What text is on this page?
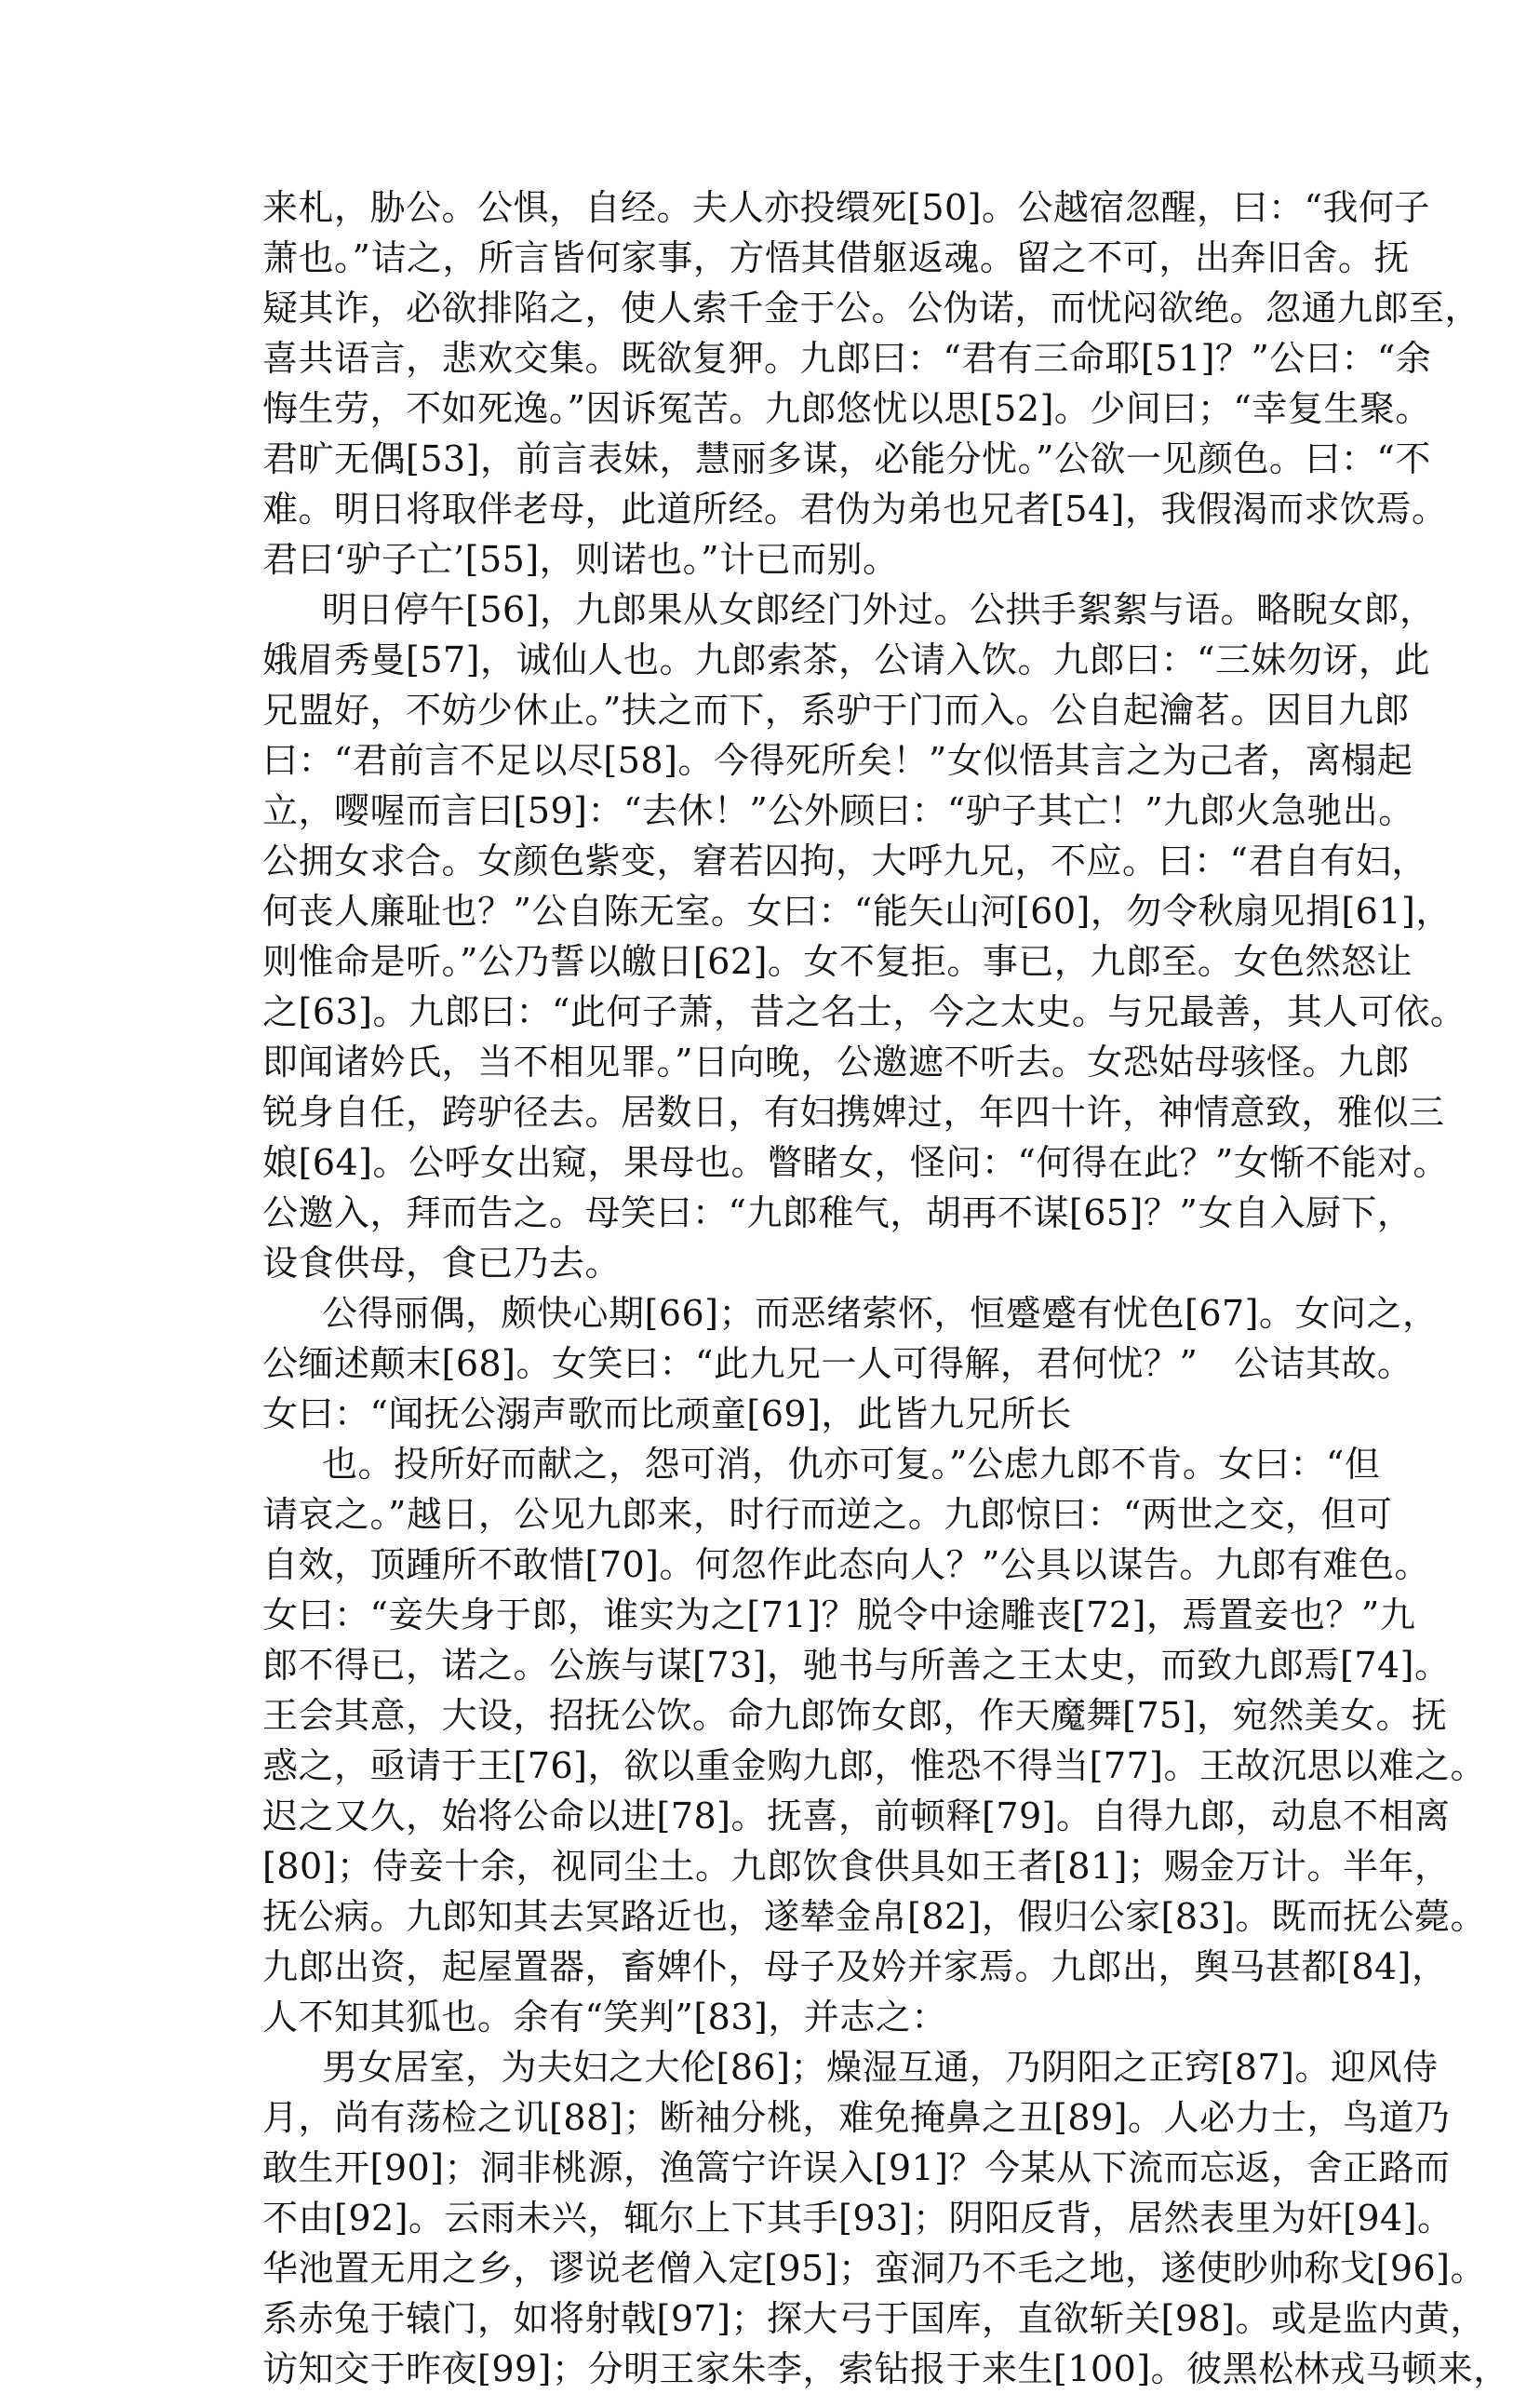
来札，胁公。公惧，自经。夫人亦投缳死[50]。公越宿忽醒，曰：“我何子
萧也。”诘之，所言皆何家事，方悟其借躯返魂。留之不可，出奔旧舍。抚
疑其诈，必欲排陷之，使人索千金于公。公伪诺，而忧闷欲绝。忽通九郎至，
喜共语言，悲欢交集。既欲复狎。九郎曰：“君有三命耶[51]？”公曰：“余
悔生劳，不如死逸。”因诉冤苦。九郎悠忧以思[52]。少间曰；“幸复生聚。
君旷无偶[53]，前言表妹，慧丽多谋，必能分忧。”公欲一见颜色。曰：“不
难。明日将取伴老母，此道所经。君伪为弟也兄者[54]，我假渴而求饮焉。
君曰‘驴子亡’[55]，则诺也。”计已而别。
明日停午[56]，九郎果从女郎经门外过。公拱手絮絮与语。略睨女郎，
娥眉秀曼[57]，诚仙人也。九郎索茶，公请入饮。九郎曰：“三妹勿讶，此
兄盟好，不妨少休止。”扶之而下，系驴于门而入。公自起瀹茗。因目九郎
曰：“君前言不足以尽[58]。今得死所矣！”女似悟其言之为己者，离榻起
立，嘤喔而言曰[59]：“去休！”公外顾曰：“驴子其亡！”九郎火急驰出。
公拥女求合。女颜色紫变，窘若囚拘，大呼九兄，不应。曰：“君自有妇，
何丧人廉耻也？”公自陈无室。女曰：“能矢山河[60]，勿令秋扇见捐[61]，
则惟命是听。”公乃誓以皦日[62]。女不复拒。事已，九郎至。女色然怒让
之[63]。九郎曰：“此何子萧，昔之名士，今之太史。与兄最善，其人可依。
即闻诸妗氏，当不相见罪。”日向晚，公邀遮不听去。女恐姑母骇怪。九郎
锐身自任，跨驴径去。居数日，有妇携婢过，年四十许，神情意致，雅似三
娘[64]。公呼女出窥，果母也。瞥睹女，怪问：“何得在此？”女惭不能对。
公邀入，拜而告之。母笑曰：“九郎稚气，胡再不谋[65]？”女自入厨下，
设食供母，食已乃去。
公得丽偶，颇快心期[66]；而恶绪萦怀，恒蹙蹙有忧色[67]。女问之，
公缅述颠末[68]。女笑曰：“此九兄一人可得解，君何忧？”　公诘其故。
女曰：“闻抚公溺声歌而比顽童[69]，此皆九兄所长
也。投所好而献之，怨可消，仇亦可复。”公虑九郎不肯。女曰：“但
请哀之。”越日，公见九郎来，时行而逆之。九郎惊曰：“两世之交，但可
自效，顶踵所不敢惜[70]。何忽作此态向人？”公具以谋告。九郎有难色。
女曰：“妾失身于郎，谁实为之[71]？脱令中途雕丧[72]，焉置妾也？”九
郎不得已，诺之。公族与谋[73]，驰书与所善之王太史，而致九郎焉[74]。
王会其意，大设，招抚公饮。命九郎饰女郎，作天魔舞[75]，宛然美女。抚
惑之，亟请于王[76]，欲以重金购九郎，惟恐不得当[77]。王故沉思以难之。
迟之又久，始将公命以进[78]。抚喜，前顿释[79]。自得九郎，动息不相离
[80]；侍妾十余，视同尘土。九郎饮食供具如王者[81]；赐金万计。半年，
抚公病。九郎知其去冥路近也，遂辇金帛[82]，假归公家[83]。既而抚公薨。
九郎出资，起屋置器，畜婢仆，母子及妗并家焉。九郎出，舆马甚都[84]，
人不知其狐也。余有“笑判”[83]，并志之：
男女居室，为夫妇之大伦[86]；燥湿互通，乃阴阳之正窍[87]。迎风侍
月，尚有荡检之讥[88]；断袖分桃，难免掩鼻之丑[89]。人必力士，鸟道乃
敢生开[90]；洞非桃源，渔篙宁许误入[91]？今某从下流而忘返，舍正路而
不由[92]。云雨未兴，辄尔上下其手[93]；阴阳反背，居然表里为奸[94]。
华池置无用之乡，谬说老僧入定[95]；蛮洞乃不毛之地，遂使眇帅称戈[96]。
系赤兔于辕门，如将射戟[97]；探大弓于国库，直欲斩关[98]。或是监内黄，
访知交于昨夜[99]；分明王家朱李，索钻报于来生[100]。彼黑松林戎马顿来，
